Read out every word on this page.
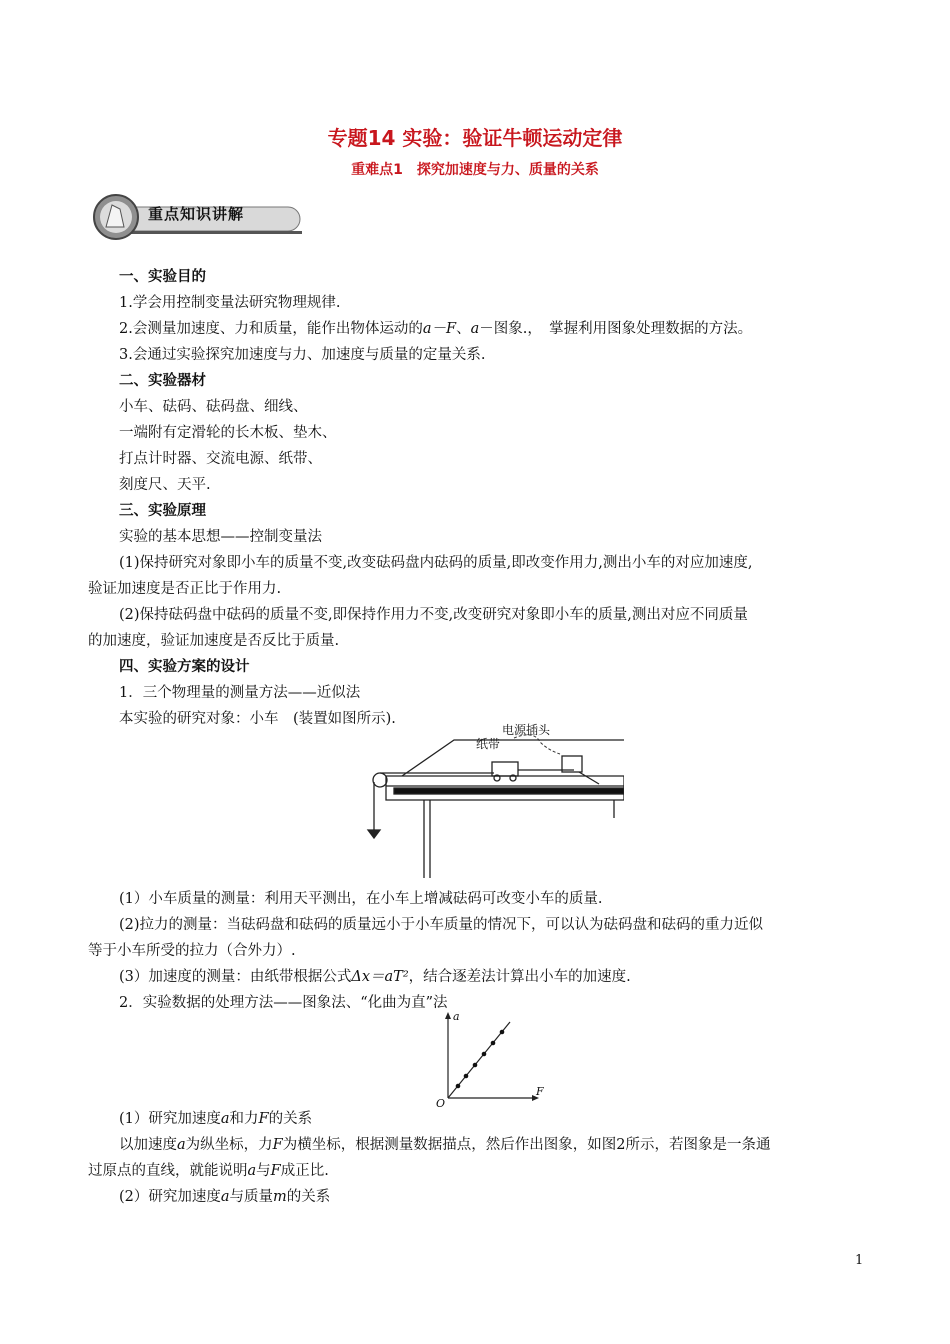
专题14 实验：验证牛顿运动定律
重难点1　探究加速度与力、质量的关系
重点知识讲解
一、实验目的
1.学会用控制变量法研究物理规律.
2.会测量加速度、力和质量，能作出物体运动的a－F、a－图象.，　掌握利用图象处理数据的方法。
3.会通过实验探究加速度与力、加速度与质量的定量关系.
二、实验器材
小车、砝码、砝码盘、细线、
一端附有定滑轮的长木板、垫木、
打点计时器、交流电源、纸带、
刻度尺、天平.
三、实验原理
实验的基本思想——控制变量法
(1)保持研究对象即小车的质量不变,改变砝码盘内砝码的质量,即改变作用力,测出小车的对应加速度,
验证加速度是否正比于作用力.
(2)保持砝码盘中砝码的质量不变,即保持作用力不变,改变研究对象即小车的质量,测出对应不同质量
的加速度，验证加速度是否反比于质量.
四、实验方案的设计
1．三个物理量的测量方法——近似法
本实验的研究对象：小车　(装置如图所示).
电源插头
纸带
(1）小车质量的测量：利用天平测出，在小车上增减砝码可改变小车的质量.
(2)拉力的测量：当砝码盘和砝码的质量远小于小车质量的情况下，可以认为砝码盘和砝码的重力近似
等于小车所受的拉力（合外力）.
(3）加速度的测量：由纸带根据公式Δx＝aT²，结合逐差法计算出小车的加速度.
2．实验数据的处理方法——图象法、“化曲为直”法
a
F
O
(1）研究加速度a和力F的关系
以加速度a为纵坐标，力F为横坐标，根据测量数据描点，然后作出图象，如图2所示，若图象是一条通
过原点的直线，就能说明a与F成正比.
(2）研究加速度a与质量m的关系
1
